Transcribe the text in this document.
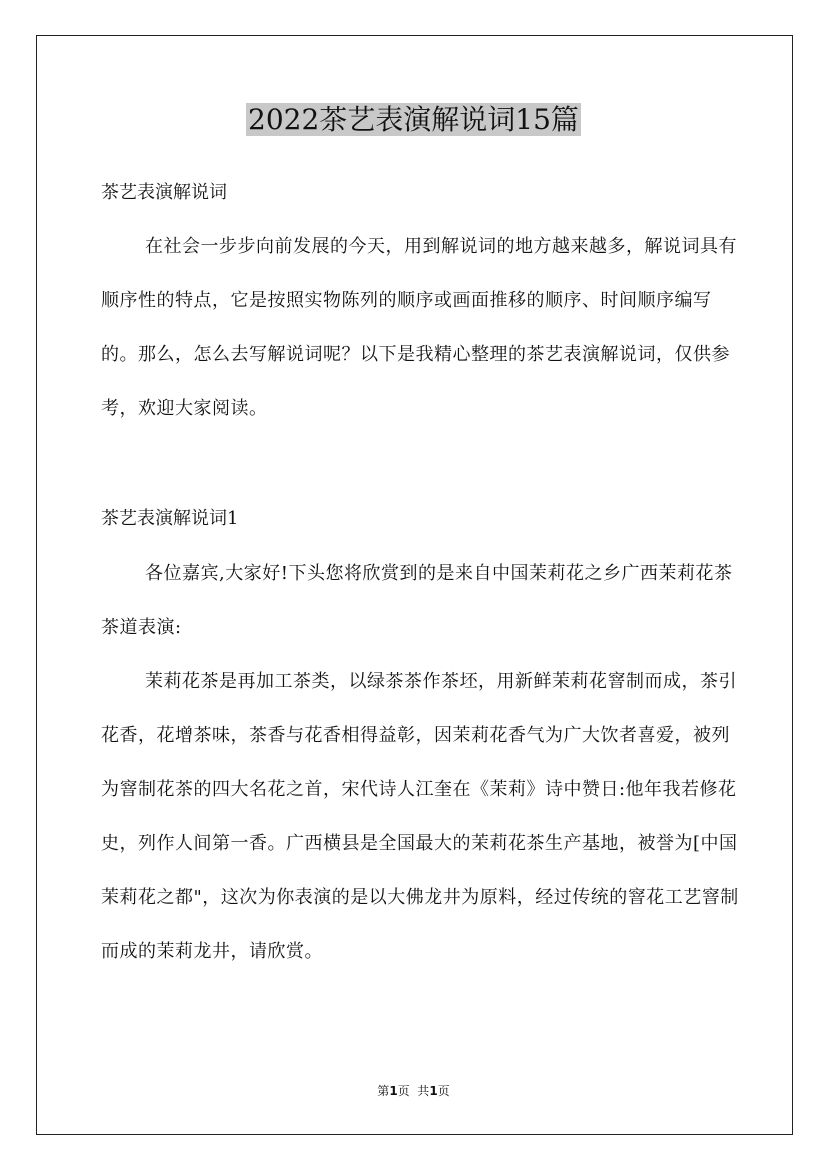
2022茶艺表演解说词15篇
茶艺表演解说词

在社会一步步向前发展的今天，用到解说词的地方越来越多，解说词具有顺序性的特点，它是按照实物陈列的顺序或画面推移的顺序、时间顺序编写的。那么，怎么去写解说词呢？以下是我精心整理的茶艺表演解说词，仅供参考，欢迎大家阅读。

茶艺表演解说词1

各位嘉宾,大家好!下头您将欣赏到的是来自中国茉莉花之乡广西茉莉花茶茶道表演:

茉莉花茶是再加工茶类，以绿茶茶作茶坯，用新鲜茉莉花窨制而成，茶引花香，花增茶味，茶香与花香相得益彰，因茉莉花香气为广大饮者喜爱，被列为窨制花茶的四大名花之首，宋代诗人江奎在《茉莉》诗中赞日:他年我若修花史，列作人间第一香。广西横县是全国最大的茉莉花茶生产基地，被誉为[中国茉莉花之都"，这次为你表演的是以大佛龙井为原料，经过传统的窨花工艺窨制而成的茉莉龙井，请欣赏。

第1页  共1页
